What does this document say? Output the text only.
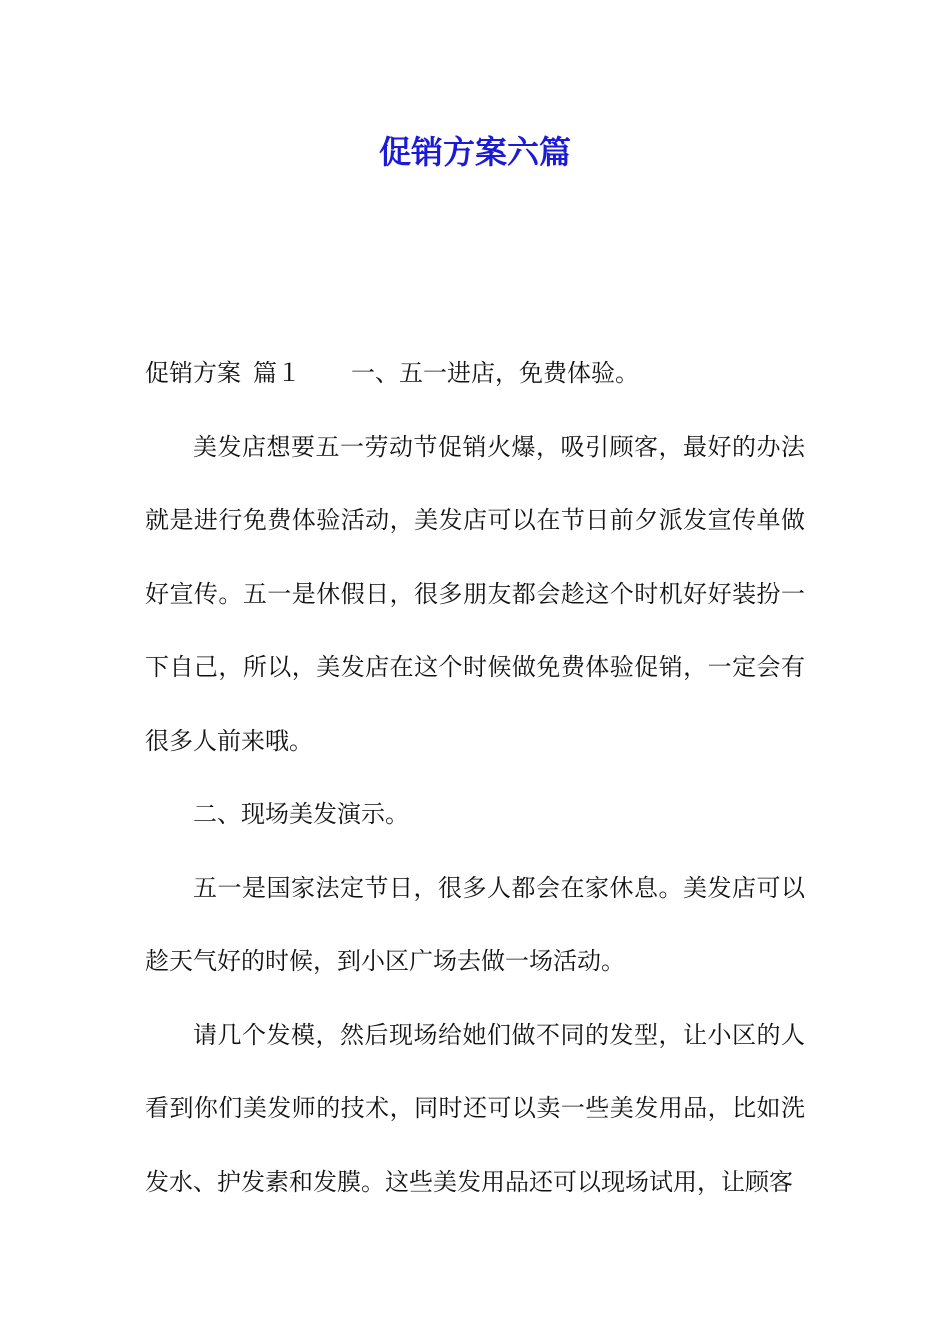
促销方案六篇

促销方案 篇１ 一、五一进店，免费体验。

美发店想要五一劳动节促销火爆，吸引顾客，最好的办法就是进行免费体验活动，美发店可以在节日前夕派发宣传单做好宣传。五一是休假日，很多朋友都会趁这个时机好好装扮一下自己，所以，美发店在这个时候做免费体验促销，一定会有很多人前来哦。

二、现场美发演示。

五一是国家法定节日，很多人都会在家休息。美发店可以趁天气好的时候，到小区广场去做一场活动。

请几个发模，然后现场给她们做不同的发型，让小区的人看到你们美发师的技术，同时还可以卖一些美发用品，比如洗发水、护发素和发膜。这些美发用品还可以现场试用，让顾客
